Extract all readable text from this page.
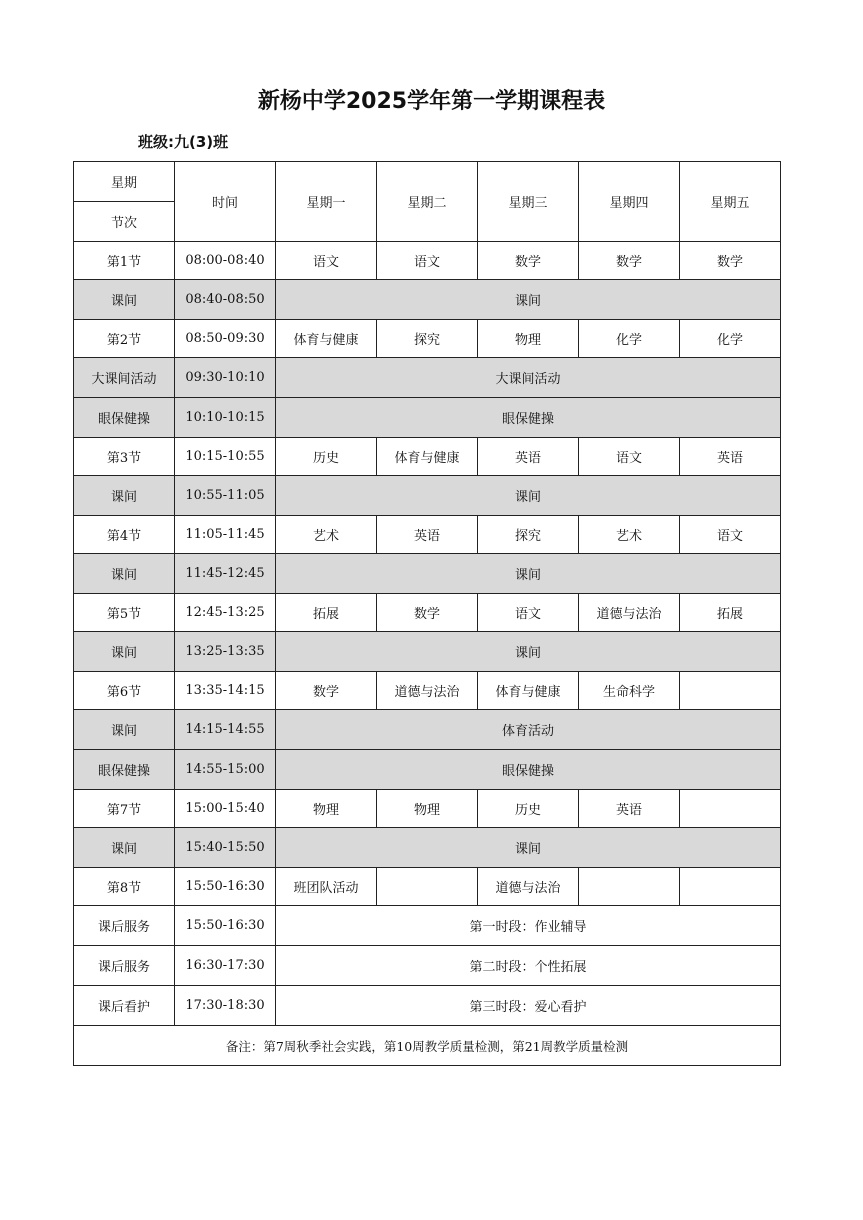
新杨中学2025学年第一学期课程表
班级:九(3)班
星期	时间	星期一	星期二	星期三	星期四	星期五
节次						
第1节	08:00-08:40	语文	语文	数学	数学	数学
课间	08:40-08:50	课间				
第2节	08:50-09:30	体育与健康	探究	物理	化学	化学
大课间活动	09:30-10:10	大课间活动				
眼保健操	10:10-10:15	眼保健操				
第3节	10:15-10:55	历史	体育与健康	英语	语文	英语
课间	10:55-11:05	课间				
第4节	11:05-11:45	艺术	英语	探究	艺术	语文
课间	11:45-12:45	课间				
第5节	12:45-13:25	拓展	数学	语文	道德与法治	拓展
课间	13:25-13:35	课间				
第6节	13:35-14:15	数学	道德与法治	体育与健康	生命科学	
课间	14:15-14:55	体育活动				
眼保健操	14:55-15:00	眼保健操				
第7节	15:00-15:40	物理	物理	历史	英语	
课间	15:40-15:50	课间				
第8节	15:50-16:30	班团队活动		道德与法治		
课后服务	15:50-16:30	第一时段：作业辅导				
课后服务	16:30-17:30	第二时段：个性拓展				
课后看护	17:30-18:30	第三时段：爱心看护				
备注：第7周秋季社会实践，第10周教学质量检测，第21周教学质量检测						
